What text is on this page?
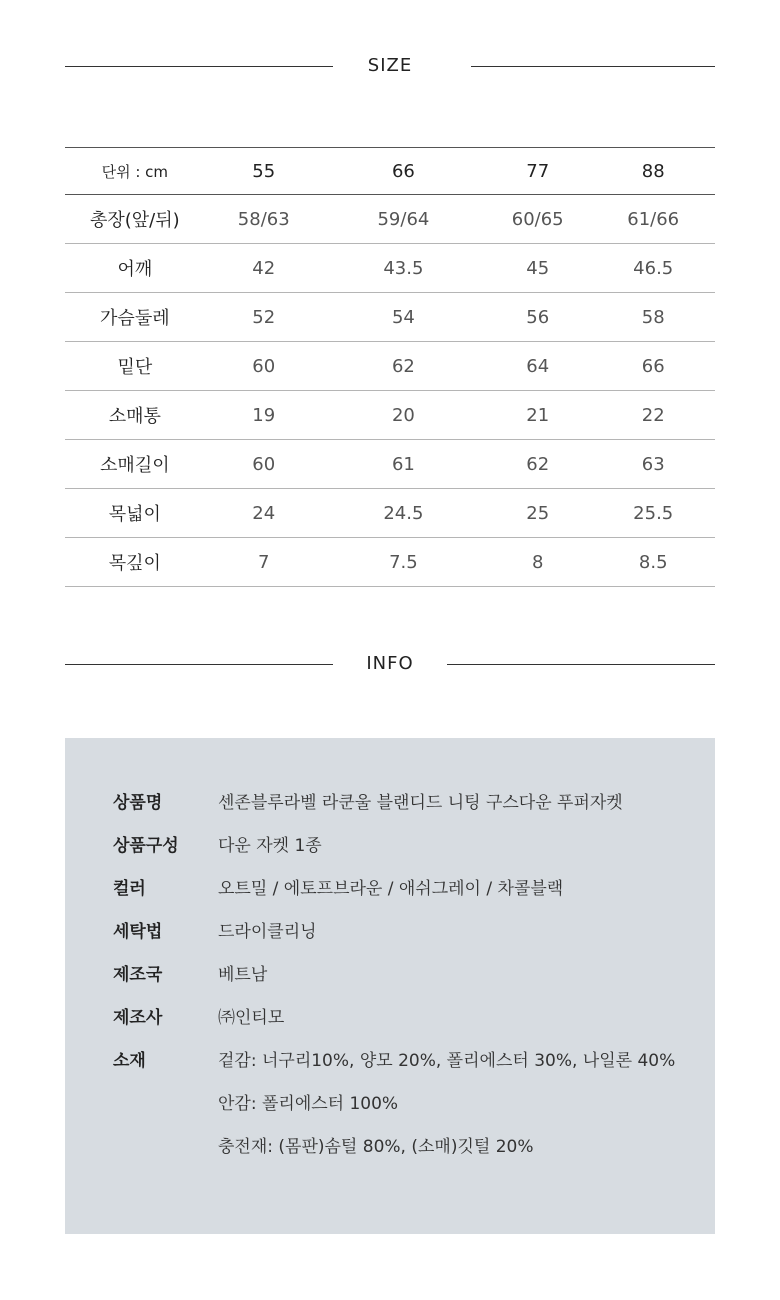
SIZE
단위 : cm	55	66	77	88
총장(앞/뒤)	58/63	59/64	60/65	61/66
어깨	42	43.5	45	46.5
가슴둘레	52	54	56	58
밑단	60	62	64	66
소매통	19	20	21	22
소매길이	60	61	62	63
목넓이	24	24.5	25	25.5
목깊이	7	7.5	8	8.5
INFO
상품명	센존블루라벨 라쿤울 블랜디드 니팅 구스다운 푸퍼자켓
상품구성 다운 자켓 1종
컬러	오트밀 / 에토프브라운 / 애쉬그레이 / 차콜블랙
세탁법	드라이클리닝
제조국	베트남
제조사	㈜인티모
소재	겉감: 너구리10%, 양모 20%, 폴리에스터 30%, 나일론 40%
안감: 폴리에스터 100%
충전재: (몸판)솜털 80%, (소매)깃털 20%
